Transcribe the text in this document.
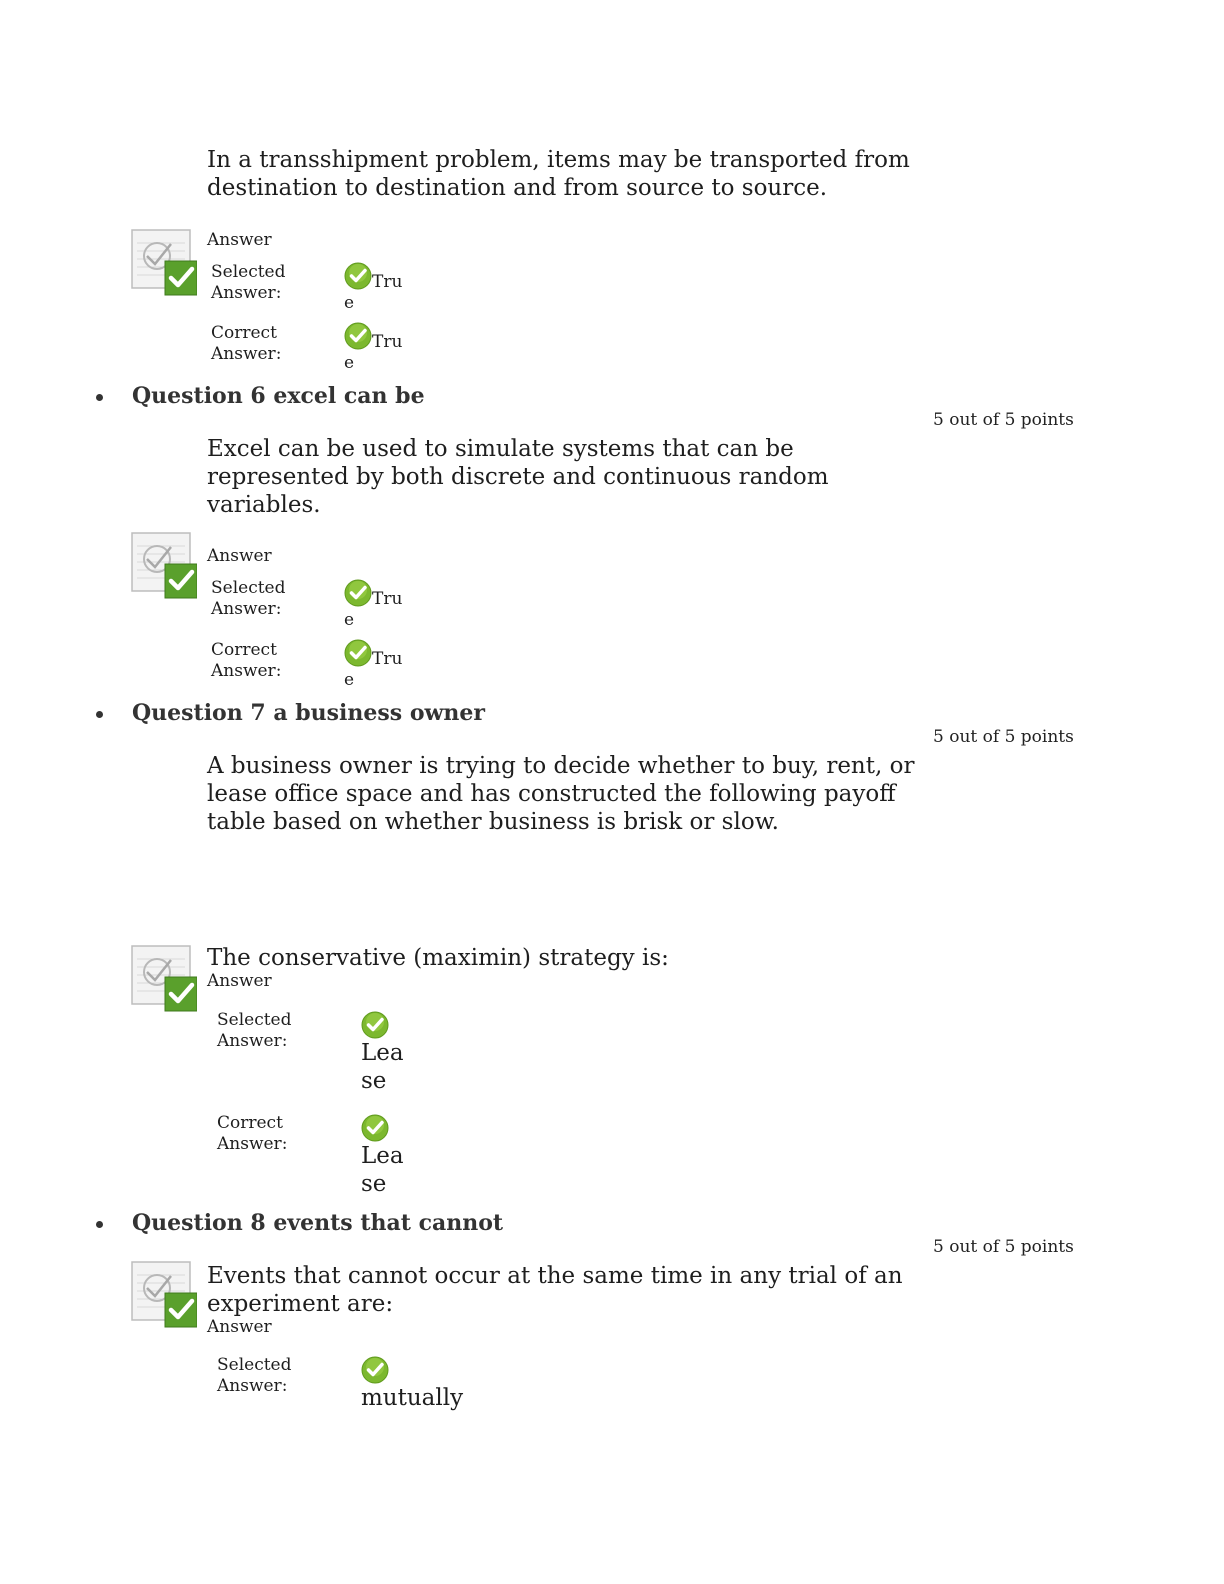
In a transshipment problem, items may be transported from
destination to destination and from source to source.
Answer
Selected
Answer:
Tru
e
Correct
Answer:
Tru
e
Question 6 excel can be
5 out of 5 points
Excel can be used to simulate systems that can be
represented by both discrete and continuous random
variables.
Answer
Selected
Answer:	Tru
e
Correct
Answer:
Tru
e
Question 7 a business owner
5 out of 5 points
A business owner is trying to decide whether to buy, rent, or
lease office space and has constructed the following payoff
table based on whether business is brisk or slow.
The conservative (maximin) strategy is:
Answer
Selected
Answer:	Lea
se
Correct
Answer:	Lea
se
Question 8 events that cannot
5 out of 5 points
Events that cannot occur at the same time in any trial of an
experiment are:
Answer
Selected
Answer:	mutually
